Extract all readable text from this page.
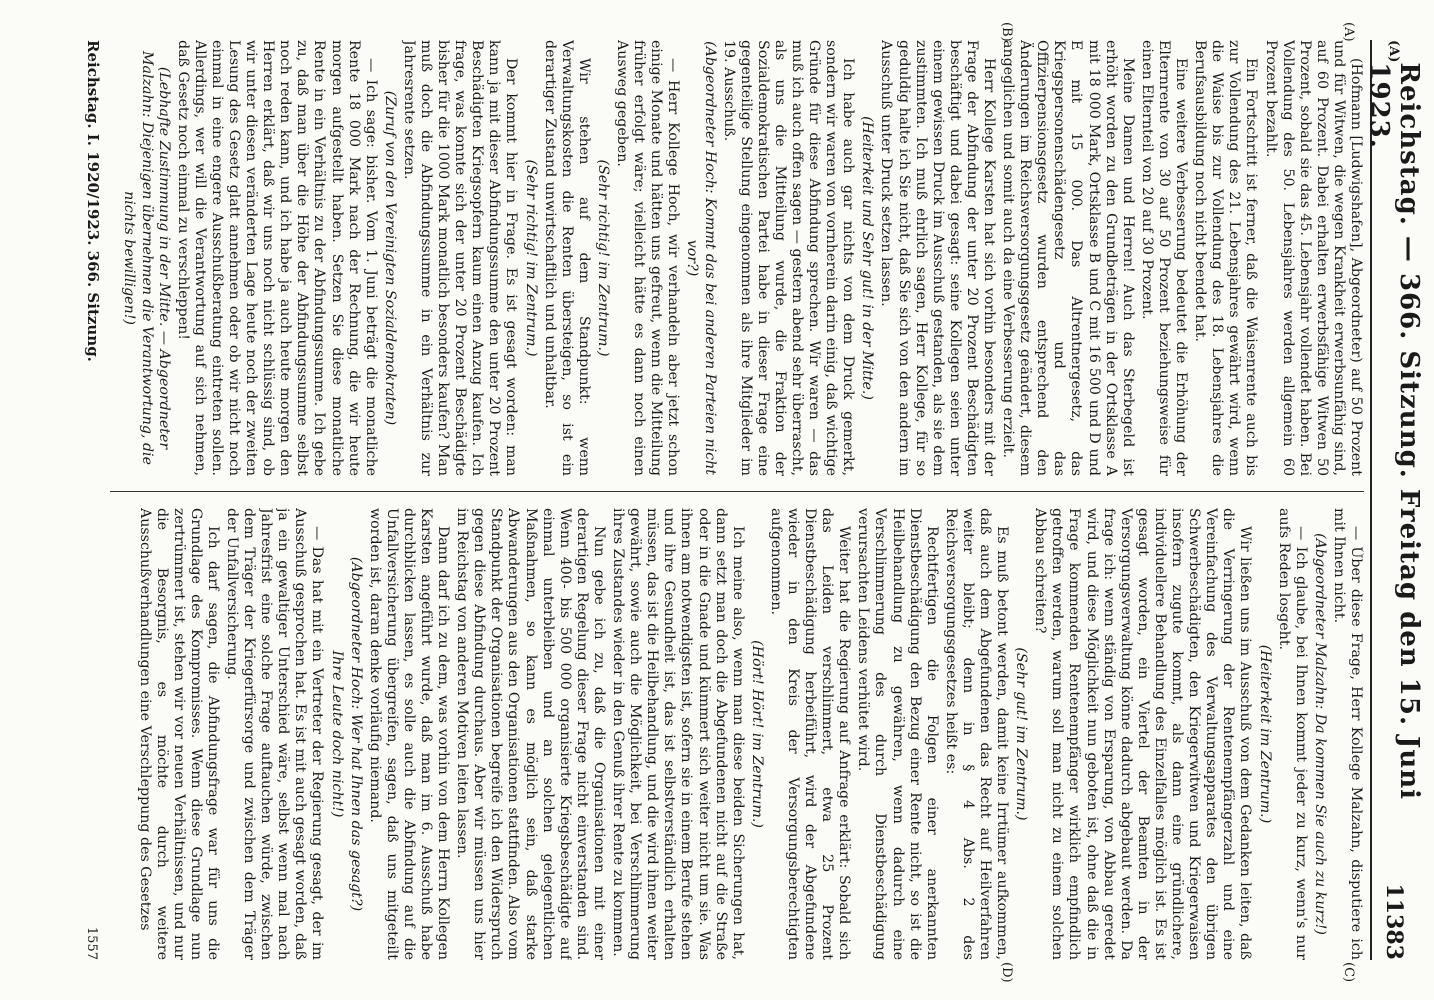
(A)
Reichstag. — 366. Sitzung. Freitag den 15. Juni 1923.
11383
(A)
(B)
(C)
(D)

(Hofmann [Ludwigshafen], Abgeordneter) auf 50 Prozent und für Witwen, die wegen Krankheit erwerbsunfähig sind, auf 60 Prozent. Dabei erhalten erwerbsfähige Witwen 50 Prozent, sobald sie das 45. Lebensjahr vollendet haben. Bei Vollendung des 50. Lebensjahres werden allgemein 60 Prozent bezahlt.

Ein Fortschritt ist ferner, daß die Waisenrente auch bis zur Vollendung des 21. Lebensjahres gewährt wird, wenn die Waise bis zur Vollendung des 18. Lebensjahres die Berufsausbildung noch nicht beendet hat.

Eine weitere Verbesserung bedeutet die Erhöhung der Elternrente von 30 auf 50 Prozent beziehungsweise für einen Elternteil von 20 auf 30 Prozent.

Meine Damen und Herren! Auch das Sterbegeld ist erhöht worden zu den Grundbeträgen in der Ortsklasse A mit 18 000 Mark, Ortsklasse B und C mit 16 500 und D und E mit 15 000. Das Altrentnergesetz, das Kriegspersonenschädengesetz und das Offizierpensionsgesetz wurden entsprechend den Änderungen im Reichsversorgungsgesetz geändert, diesem angeglichen und somit auch da eine Verbesserung erzielt.

Herr Kollege Karsten hat sich vorhin besonders mit der Frage der Abfindung der unter 20 Prozent Beschädigten beschäftigt und dabei gesagt: seine Kollegen seien unter einem gewissen Druck im Ausschuß gestanden, als sie dem zustimmten. Ich muß ehrlich sagen, Herr Kollege, für so geduldig halte ich Sie nicht, daß Sie sich von den andern im Ausschuß unter Druck setzen lassen.

(Heiterkeit und Sehr gut! in der Mitte.)

Ich habe auch gar nichts von dem Druck gemerkt, sondern wir waren von vornherein darin einig, daß wichtige Gründe für diese Abfindung sprechen. Wir waren — das muß ich auch offen sagen — gestern abend sehr überrascht, als uns die Mitteilung wurde, die Fraktion der Sozialdemokratischen Partei habe in dieser Frage eine gegenteilige Stellung eingenommen als ihre Mitglieder im 19. Ausschuß.

(Abgeordneter Hoch: Kommt das bei anderen Parteien nicht vor?)

— Herr Kollege Hoch, wir verhandeln aber jetzt schon einige Monate und hätten uns gefreut, wenn die Mitteilung früher erfolgt wäre; vielleicht hätte es dann noch einen Ausweg gegeben.

(Sehr richtig! im Zentrum.)

Wir stehen auf dem Standpunkt: wenn Verwaltungskosten die Renten übersteigen, so ist ein derartiger Zustand unwirtschaftlich und unhaltbar.

(Sehr richtig! im Zentrum.)

Der kommt hier in Frage. Es ist gesagt worden: man kann ja mit dieser Abfindungssumme den unter 20 Prozent Beschädigten Kriegsopfern kaum einen Anzug kaufen. Ich frage, was konnte sich der unter 20 Prozent Beschädigte bisher für die 1000 Mark monatlich besonders kaufen? Man muß doch die Abfindungssumme in ein Verhältnis zur Jahresrente setzen.

(Zuruf von den Vereinigten Sozialdemokraten)

— Ich sage: bisher. Vom 1. Juni beträgt die monatliche Rente 18 000 Mark nach der Rechnung, die wir heute morgen aufgestellt haben. Setzen Sie diese monatliche Rente in ein Verhältnis zu der Abfindungssumme. Ich gebe zu, daß man über die Höhe der Abfindungssumme selbst noch reden kann, und ich habe ja auch heute morgen den Herren erklärt, daß wir uns noch nicht schlüssig sind, ob wir unter diesen veränderten Lage heute noch der zweiten Lesung des Gesetz glatt annehmen oder ob wir nicht noch einmal in eine engere Ausschußberatung eintreten sollen. Allerdings, wer will die Verantwortung auf sich nehmen, daß Gesetz noch einmal zu verschleppen!

(Lebhafte Zustimmung in der Mitte. — Abgeordneter Malzahn: Diejenigen übernehmen die Verantwortung, die nichts bewilligen!)

— Über diese Frage, Herr Kollege Malzahn, disputiere ich mit Ihnen nicht.

(Abgeordneter Malzahn: Da kommen Sie auch zu kurz!)

— Ich glaube, bei Ihnen kommt jeder zu kurz, wenn's nur aufs Reden losgeht.

(Heiterkeit im Zentrum.)

Wir ließen uns im Ausschuß von dem Gedanken leiten, daß die Verringerung der Rentenempfängerzahl und eine Vereinfachung des Verwaltungsapparates den übrigen Schwerbeschädigten, den Kriegerwitwen und Kriegerwaisen insofern zugute kommt, als dann eine gründlichere, individuellere Behandlung des Einzelfalles möglich ist. Es ist gesagt worden, ein Viertel der Beamten in der Versorgungsverwaltung könne dadurch abgebaut werden. Da frage ich: wenn ständig von Ersparung, von Abbau geredet wird, und diese Möglichkeit nun geboten ist, ohne daß die in Frage kommenden Rentenempfänger wirklich empfindlich getroffen werden, warum soll man nicht zu einem solchen Abbau schreiten?

(Sehr gut! im Zentrum.)

Es muß betont werden, damit keine Irrtümer aufkommen, daß auch dem Abgefundenen das Recht auf Heilverfahren weiter bleibt; denn in § 4 Abs. 2 des Reichsversorgungsgesetzes heißt es:

Rechtfertigen die Folgen einer anerkannten Dienstbeschädigung den Bezug einer Rente nicht, so ist die Heilbehandlung zu gewähren, wenn dadurch eine Verschlimmerung des durch Dienstbeschädigung verursachten Leidens verhütet wird.

Weiter hat die Regierung auf Anfrage erklärt: Sobald sich das Leiden verschlimmert, etwa 25 Prozent Dienstbeschädigung herbeiführt, wird der Abgefundene wieder in den Kreis der Versorgungsberechtigten aufgenommen.

(Hört! Hört! im Zentrum.)

Ich meine also, wenn man diese beiden Sicherungen hat, dann setzt man doch die Abgefundenen nicht auf die Straße oder in die Gnade und kümmert sich weiter nicht um sie. Was ihnen am notwendigsten ist, sofern sie in einem Berufe stehen und ihre Gesundheit ist, das ist selbstverständlich erhalten müssen, das ist die Heilbehandlung, und die wird ihnen weiter gewährt, sowie auch die Möglichkeit, bei Verschlimmerung ihres Zustandes wieder in den Genuß ihrer Rente zu kommen.

Nun gebe ich zu, daß die Organisationen mit einer derartigen Regelung dieser Frage nicht einverstanden sind. Wenn 400- bis 500 000 organisierte Kriegsbeschädigte auf einmal unterbleiben und an solchen gelegentlichen Maßnahmen, so kann es möglich sein, daß starke Abwanderungen aus den Organisationen stattfinden. Also vom Standpunkt der Organisationen begreife ich den Widerspruch gegen diese Abfindung durchaus. Aber wir müssen uns hier im Reichstag von anderen Motiven leiten lassen.

Dann darf ich zu dem, was vorhin von dem Herrn Kollegen Karsten angeführt wurde, daß man im 6. Ausschuß habe durchblicken lassen, es solle auch die Abfindung auf die Unfallversicherung übergreifen, sagen, daß uns mitgeteilt worden ist, daran denke vorläufig niemand.

(Abgeordneter Hoch: Wer hat Ihnen das gesagt?)

Ihre Leute doch nicht!)

— Das hat mit ein Vertreter der Regierung gesagt, der im Ausschuß gesprochen hat. Es ist mit auch gesagt worden, daß ja ein gewaltiger Unterschied wäre, selbst wenn mal nach Jahresfrist eine solche Frage auftauchen würde, zwischen dem Träger der Kriegerfürsorge und zwischen dem Träger der Unfallversicherung.

Ich darf sagen, die Abfindungsfrage war für uns die Grundlage des Kompromisses. Wenn diese Grundlage nun zertrümmert ist, stehen wir vor neuen Verhältnissen, und nur die Besorgnis, es möchte durch weitere Ausschußverhandlungen eine Verschleppung des Gesetzes

Reichstag. I. 1920/1923. 366. Sitzung.
1557
